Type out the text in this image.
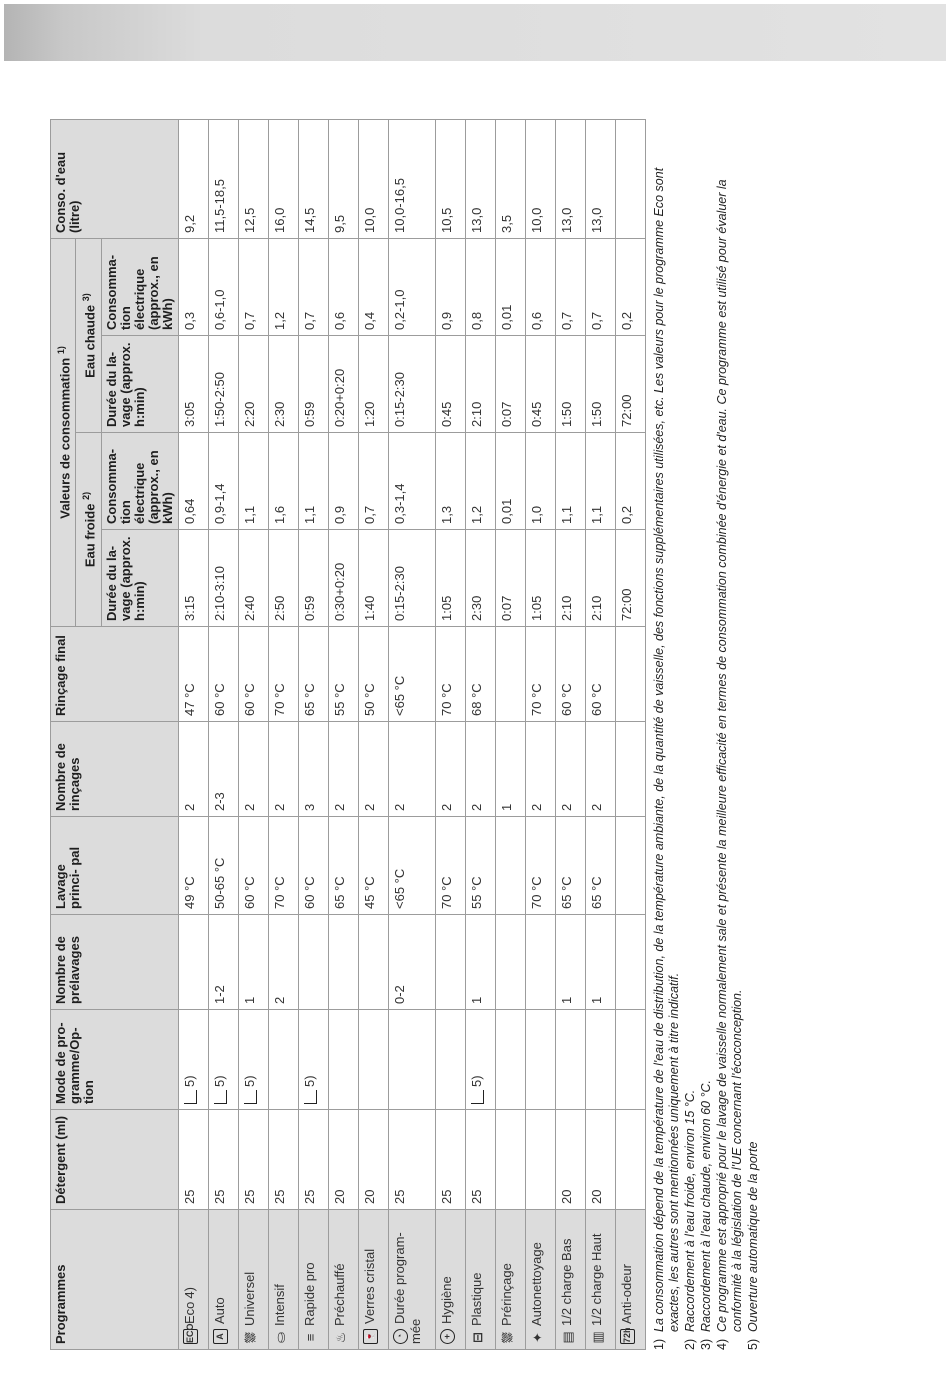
Programmes	Détergent (ml)	Mode de pro- gramme/Op- tion	Nombre de prélavages	Lavage princi- pal	Nombre de rinçages	Rinçage final	Valeurs de consommation $^{1)}$				Conso. d'eau (litre)
							Eau froide $^{2)}$		Eau chaude $^{3)}$
							Durée du la- vage (approx. h:min)	Consomma- tion électrique (approx., en kWh)	Durée du la- vage (approx. h:min)	Consomma- tion électrique (approx., en kWh)	
ECOEco4)	25	5)		49 °C	2	47 °C	3:15	0,64	3:05	0,3	9,2
AAuto	25	5)	1-2	50-65 °C	2-3	60 °C	2:10-3:10	0,9-1,4	1:50-2:50	0,6-1,0	11,5-18,5
⛆Universel	25	5)	1	60 °C	2	60 °C	2:40	1,1	2:20	0,7	12,5
⛀Intensif	25		2	70 °C	2	70 °C	2:50	1,6	2:30	1,2	16,0
≡Rapide pro	25	5)		60 °C	3	65 °C	0:59	1,1	0:59	0,7	14,5
♨Préchauffé	20			65 °C	2	55 °C	0:30+0:20	0,9	0:20+0:20	0,6	9,5
🍷Verres cristal	20			45 °C	2	50 °C	1:40	0,7	1:20	0,4	10,0
◔Durée program- mée	25		0-2	<65 °C	2	<65 °C	0:15-2:30	0,3-1,4	0:15-2:30	0,2-1,0	10,0-16,5
+Hygiène	25			70 °C	2	70 °C	1:05	1,3	0:45	0,9	10,5
⊟Plastique	25	5)	1	55 °C	2	68 °C	2:30	1,2	2:10	0,8	13,0
⛆Prérinçage					1		0:07	0,01	0:07	0,01	3,5
✦Autonettoyage				70 °C	2	70 °C	1:05	1,0	0:45	0,6	10,0
▤1/2 charge Bas	20		1	65 °C	2	60 °C	2:10	1,1	1:50	0,7	13,0
▥1/2 charge Haut	20		1	65 °C	2	60 °C	2:10	1,1	1:50	0,7	13,0
72hAnti-odeur							72:00	0,2	72:00	0,2	
1)
La consommation dépend de la température de l'eau de distribution, de la température ambiante, de la quantité de vaisselle, des fonctions supplémentaires utilisées, etc. Les valeurs pour le programme Eco sont exactes, les autres sont mentionnées uniquement à titre indicatif.
2)
Raccordement à l'eau froide, environ 15 °C.
3)
Raccordement à l'eau chaude, environ 60 °C.
4)
Ce programme est approprié pour le lavage de vaisselle normalement sale et présente la meilleure efficacité en termes de consommation combinée d'énergie et d'eau. Ce programme est utilisé pour évaluer la conformité à la législation de l'UE concernant l'écoconception.
5)
Ouverture automatique de la porte
